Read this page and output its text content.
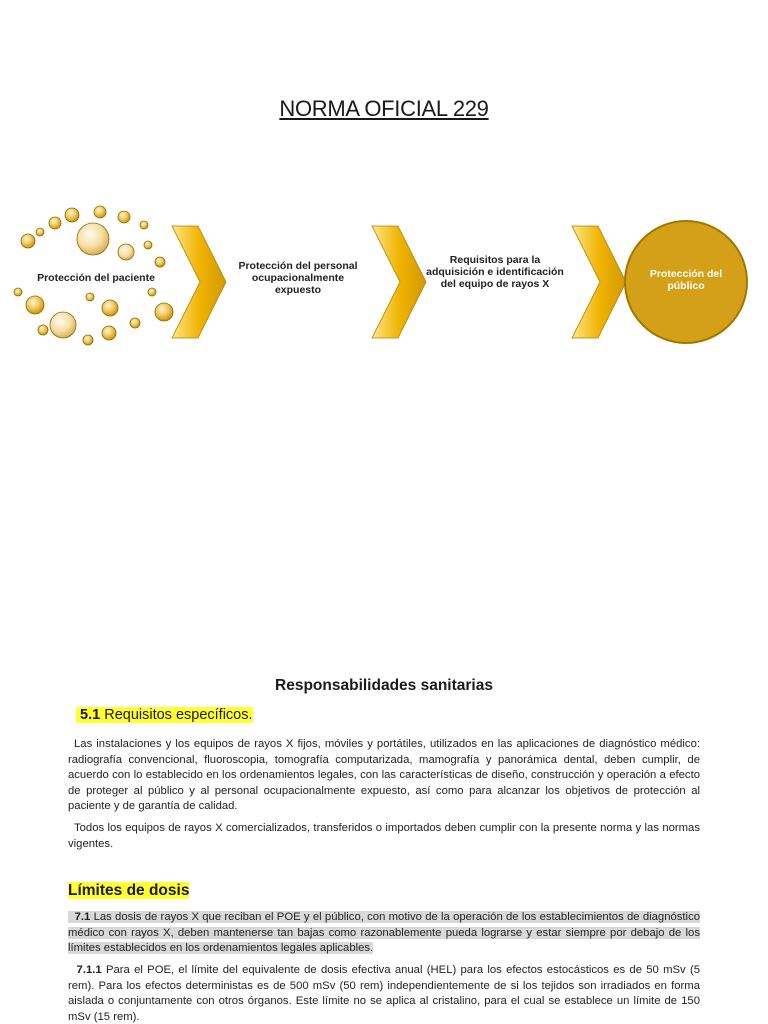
NORMA OFICIAL 229
Protección del paciente
Protección del personal ocupacionalmente expuesto
Requisitos para la adquisición e identificación del equipo de rayos X
Protección del público
Responsabilidades sanitarias
5.1 Requisitos específicos.
Las instalaciones y los equipos de rayos X fijos, móviles y portátiles, utilizados en las aplicaciones de diagnóstico médico: radiografía convencional, fluoroscopia, tomografía computarizada, mamografía y panorámica dental, deben cumplir, de acuerdo con lo establecido en los ordenamientos legales, con las características de diseño, construcción y operación a efecto de proteger al público y al personal ocupacionalmente expuesto, así como para alcanzar los objetivos de protección al paciente y de garantía de calidad.
Todos los equipos de rayos X comercializados, transferidos o importados deben cumplir con la presente norma y las normas vigentes.
Límites de dosis
7.1 Las dosis de rayos X que reciban el POE y el público, con motivo de la operación de los establecimientos de diagnóstico médico con rayos X, deben mantenerse tan bajas como razonablemente pueda lograrse y estar siempre por debajo de los límites establecidos en los ordenamientos legales aplicables.
7.1.1 Para el POE, el límite del equivalente de dosis efectiva anual (HEL) para los efectos estocásticos es de 50 mSv (5 rem). Para los efectos deterministas es de 500 mSv (50 rem) independientemente de si los tejidos son irradiados en forma aislada o conjuntamente con otros órganos. Este límite no se aplica al cristalino, para el cual se establece un límite de 150 mSv (15 rem).
